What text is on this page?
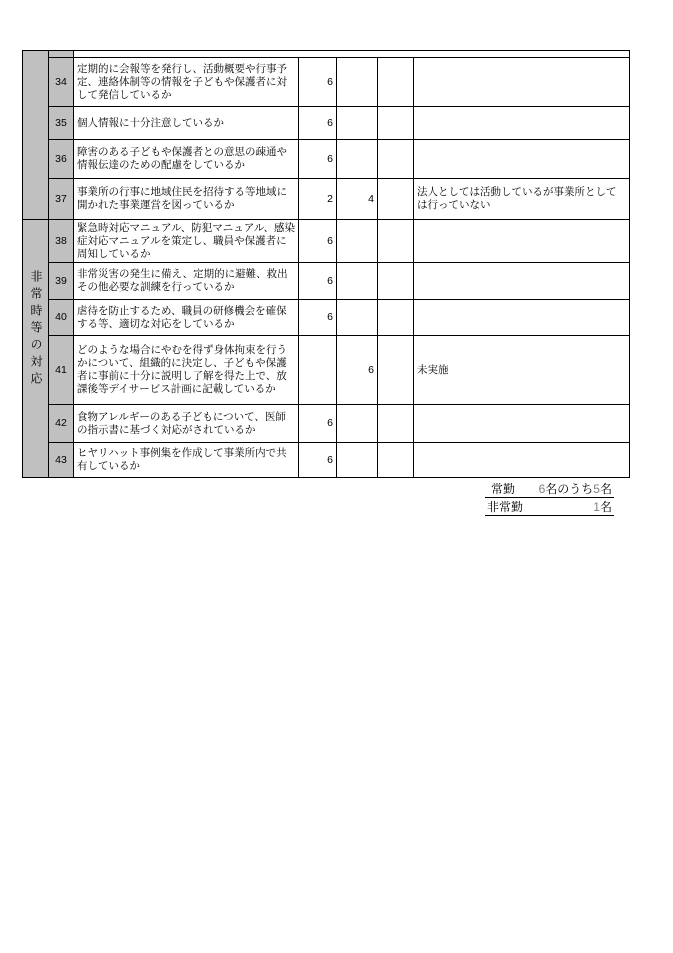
	34	定期的に会報等を発行し、活動概要や行事予定、連絡体制等の情報を子どもや保護者に対して発信しているか	6			
	35	個人情報に十分注意しているか	6			
	36	障害のある子どもや保護者との意思の疎通や情報伝達のための配慮をしているか	6			
	37	事業所の行事に地域住民を招待する等地域に開かれた事業運営を図っているか	2	4		法人としては活動しているが事業所としては行っていない

非常時等の対応	38	緊急時対応マニュアル、防犯マニュアル、感染症対応マニュアルを策定し、職員や保護者に周知しているか	6			
	39	非常災害の発生に備え、定期的に避難、救出その他必要な訓練を行っているか	6			
	40	虐待を防止するため、職員の研修機会を確保する等、適切な対応をしているか	6			
	41	どのような場合にやむを得ず身体拘束を行うかについて、組織的に決定し、子どもや保護者に事前に十分に説明し了解を得た上で、放課後等デイサービス計画に記載しているか		6		未実施
	42	食物アレルギーのある子どもについて、医師の指示書に基づく対応がされているか	6			
	43	ヒヤリハット事例集を作成して事業所内で共有しているか	6			
常勤 6名のうち5名
非常勤	1名
